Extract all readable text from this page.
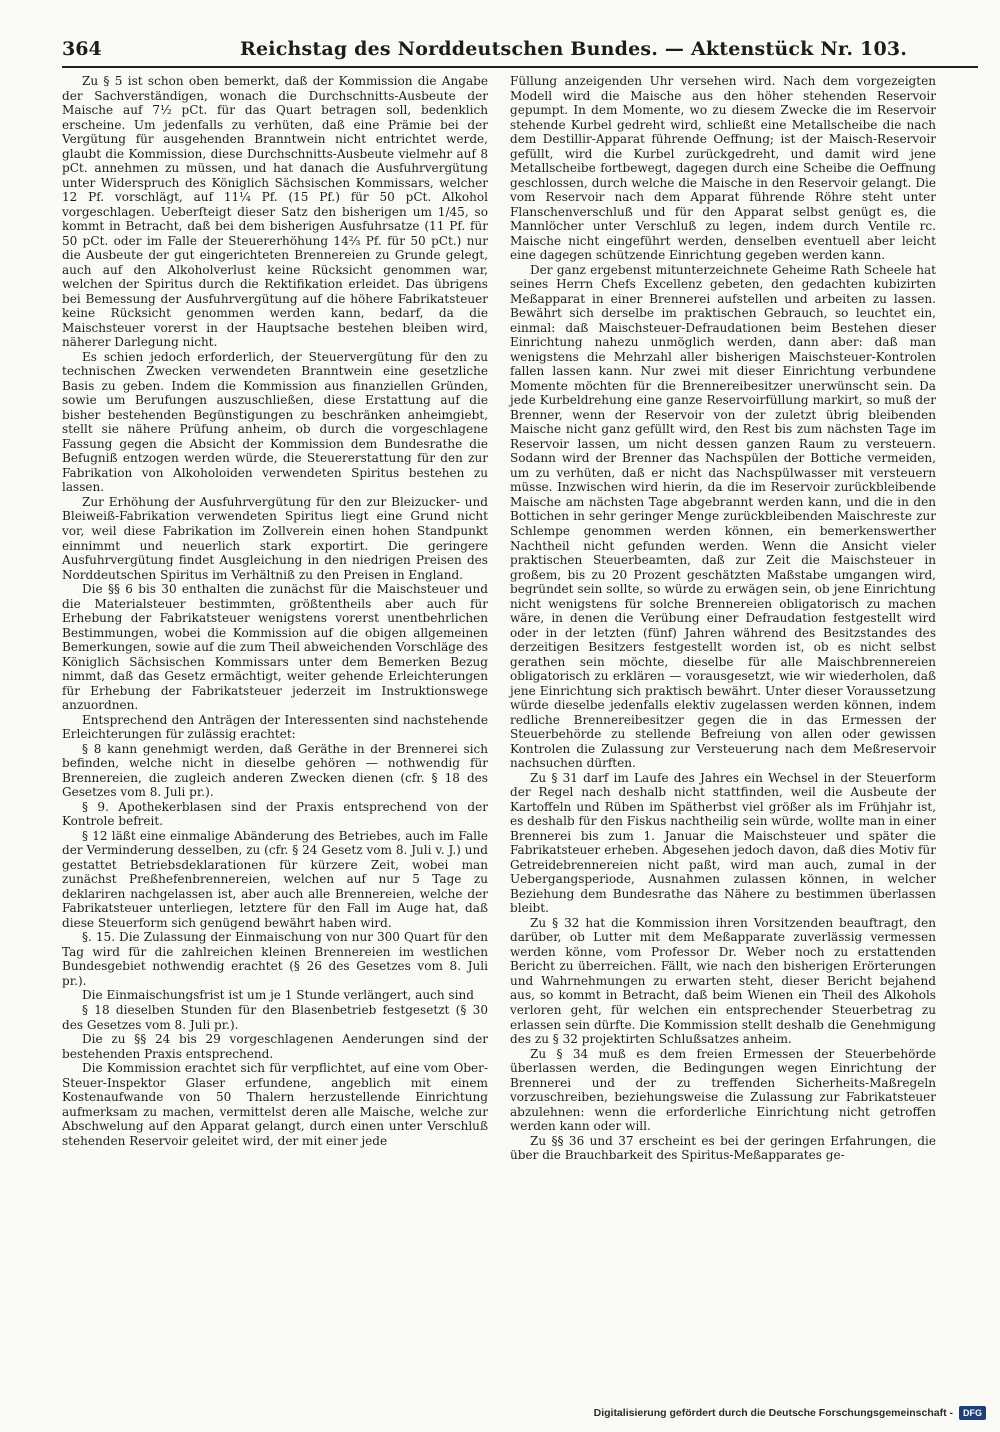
364	Reichstag des Norddeutschen Bundes. — Aktenstück Nr. 103.

Zu § 5 ist schon oben bemerkt, daß der Kommission die Angabe der Sachverständigen, wonach die Durchschnitts-Ausbeute der Maische auf 7½ pCt. für das Quart betragen soll, bedenklich erscheine. Um jedenfalls zu verhüten, daß eine Prämie bei der Vergütung für ausgehenden Branntwein nicht entrichtet werde, glaubt die Kommission, diese Durchschnitts-Ausbeute vielmehr auf 8 pCt. annehmen zu müssen, und hat danach die Ausfuhrvergütung unter Widerspruch des Königlich Sächsischen Kommissars, welcher 12 Pf. vorschlägt, auf 11¼ Pf. (15 Pf.) für 50 pCt. Alkohol vorgeschlagen. Ueberſteigt dieser Satz den bisherigen um 1/45, so kommt in Betracht, daß bei dem bisherigen Ausfuhrsatze (11 Pf. für 50 pCt. oder im Falle der Steuererhöhung 14⅔ Pf. für 50 pCt.) nur die Ausbeute der gut eingerichteten Brennereien zu Grunde gelegt, auch auf den Alkoholverlust keine Rücksicht genommen war, welchen der Spiritus durch die Rektifikation erleidet. Das übrigens bei Bemessung der Ausfuhrvergütung auf die höhere Fabrikatsteuer keine Rücksicht genommen werden kann, bedarf, da die Maischsteuer vorerst in der Hauptsache bestehen bleiben wird, näherer Darlegung nicht.

Es schien jedoch erforderlich, der Steuervergütung für den zu technischen Zwecken verwendeten Branntwein eine gesetzliche Basis zu geben. Indem die Kommission aus finanziellen Gründen, sowie um Berufungen auszuschließen, diese Erstattung auf die bisher bestehenden Begünstigungen zu beschränken anheimgiebt, stellt sie nähere Prüfung anheim, ob durch die vorgeschlagene Fassung gegen die Absicht der Kommission dem Bundesrathe die Befugniß entzogen werden würde, die Steuererstattung für den zur Fabrikation von Alkoholoiden verwendeten Spiritus bestehen zu lassen.

Zur Erhöhung der Ausfuhrvergütung für den zur Bleizucker- und Bleiweiß-Fabrikation verwendeten Spiritus liegt eine Grund nicht vor, weil diese Fabrikation im Zollverein einen hohen Standpunkt einnimmt und neuerlich stark exportirt. Die geringere Ausfuhrvergütung findet Ausgleichung in den niedrigen Preisen des Norddeutschen Spiritus im Verhältniß zu den Preisen in England.

Die §§ 6 bis 30 enthalten die zunächst für die Maischsteuer und die Materialsteuer bestimmten, größtentheils aber auch für Erhebung der Fabrikatsteuer wenigstens vorerst unentbehrlichen Bestimmungen, wobei die Kommission auf die obigen allgemeinen Bemerkungen, sowie auf die zum Theil abweichenden Vorschläge des Königlich Sächsischen Kommissars unter dem Bemerken Bezug nimmt, daß das Gesetz ermächtigt, weiter gehende Erleichterungen für Erhebung der Fabrikatsteuer jederzeit im Instruktionswege anzuordnen.

Entsprechend den Anträgen der Interessenten sind nachstehende Erleichterungen für zulässig erachtet:

§ 8 kann genehmigt werden, daß Geräthe in der Brennerei sich befinden, welche nicht in dieselbe gehören — nothwendig für Brennereien, die zugleich anderen Zwecken dienen (cfr. § 18 des Gesetzes vom 8. Juli pr.).

§ 9. Apothekerblasen sind der Praxis entsprechend von der Kontrole befreit.

§ 12 läßt eine einmalige Abänderung des Betriebes, auch im Falle der Verminderung desselben, zu (cfr. § 24 Gesetz vom 8. Juli v. J.) und gestattet Betriebsdeklarationen für kürzere Zeit, wobei man zunächst Preßhefenbrennereien, welchen auf nur 5 Tage zu deklariren nachgelassen ist, aber auch alle Brennereien, welche der Fabrikatsteuer unterliegen, letztere für den Fall im Auge hat, daß diese Steuerform sich genügend bewährt haben wird.

§. 15. Die Zulassung der Einmaischung von nur 300 Quart für den Tag wird für die zahlreichen kleinen Brennereien im westlichen Bundesgebiet nothwendig erachtet (§ 26 des Gesetzes vom 8. Juli pr.).

Die Einmaischungsfrist ist um je 1 Stunde verlängert, auch sind

§ 18 dieselben Stunden für den Blasenbetrieb festgesetzt (§ 30 des Gesetzes vom 8. Juli pr.).

Die zu §§ 24 bis 29 vorgeschlagenen Aenderungen sind der bestehenden Praxis entsprechend.

Die Kommission erachtet sich für verpflichtet, auf eine vom Ober-Steuer-Inspektor Glaser erfundene, angeblich mit einem Kostenaufwande von 50 Thalern herzustellende Einrichtung aufmerksam zu machen, vermittelst deren alle Maische, welche zur Abschwelung auf den Apparat gelangt, durch einen unter Verschluß stehenden Reservoir geleitet wird, der mit einer jede

Füllung anzeigenden Uhr versehen wird. Nach dem vorgezeigten Modell wird die Maische aus den höher stehenden Reservoir gepumpt. In dem Momente, wo zu diesem Zwecke die im Reservoir stehende Kurbel gedreht wird, schließt eine Metallscheibe die nach dem Destillir-Apparat führende Oeffnung; ist der Maisch-Reservoir gefüllt, wird die Kurbel zurückgedreht, und damit wird jene Metallscheibe fortbewegt, dagegen durch eine Scheibe die Oeffnung geschlossen, durch welche die Maische in den Reservoir gelangt. Die vom Reservoir nach dem Apparat führende Röhre steht unter Flanschenverschluß und für den Apparat selbst genügt es, die Mannlöcher unter Verschluß zu legen, indem durch Ventile rc. Maische nicht eingeführt werden, denselben eventuell aber leicht eine dagegen schützende Einrichtung gegeben werden kann.

Der ganz ergebenst mitunterzeichnete Geheime Rath Scheele hat seines Herrn Chefs Excellenz gebeten, den gedachten kubizirten Meßapparat in einer Brennerei aufstellen und arbeiten zu lassen. Bewährt sich derselbe im praktischen Gebrauch, so leuchtet ein, einmal: daß Maischsteuer-Defraudationen beim Bestehen dieser Einrichtung nahezu unmöglich werden, dann aber: daß man wenigstens die Mehrzahl aller bisherigen Maischsteuer-Kontrolen fallen lassen kann. Nur zwei mit dieser Einrichtung verbundene Momente möchten für die Brennereibesitzer unerwünscht sein. Da jede Kurbeldrehung eine ganze Reservoirfüllung markirt, so muß der Brenner, wenn der Reservoir von der zuletzt übrig bleibenden Maische nicht ganz gefüllt wird, den Rest bis zum nächsten Tage im Reservoir lassen, um nicht dessen ganzen Raum zu versteuern. Sodann wird der Brenner das Nachspülen der Bottiche vermeiden, um zu verhüten, daß er nicht das Nachspülwasser mit versteuern müsse. Inzwischen wird hierin, da die im Reservoir zurückbleibende Maische am nächsten Tage abgebrannt werden kann, und die in den Bottichen in sehr geringer Menge zurückbleibenden Maischreste zur Schlempe genommen werden können, ein bemerkenswerther Nachtheil nicht gefunden werden. Wenn die Ansicht vieler praktischen Steuerbeamten, daß zur Zeit die Maischsteuer in großem, bis zu 20 Prozent geschätzten Maßstabe umgangen wird, begründet sein sollte, so würde zu erwägen sein, ob jene Einrichtung nicht wenigstens für solche Brennereien obligatorisch zu machen wäre, in denen die Verübung einer Defraudation festgestellt wird oder in der letzten (fünf) Jahren während des Besitzstandes des derzeitigen Besitzers festgestellt worden ist, ob es nicht selbst gerathen sein möchte, dieselbe für alle Maischbrennereien obligatorisch zu erklären — vorausgesetzt, wie wir wiederholen, daß jene Einrichtung sich praktisch bewährt. Unter dieser Voraussetzung würde dieselbe jedenfalls elektiv zugelassen werden können, indem redliche Brennereibesitzer gegen die in das Ermessen der Steuerbehörde zu stellende Befreiung von allen oder gewissen Kontrolen die Zulassung zur Versteuerung nach dem Meßreservoir nachsuchen dürften.

Zu § 31 darf im Laufe des Jahres ein Wechsel in der Steuerform der Regel nach deshalb nicht stattfinden, weil die Ausbeute der Kartoffeln und Rüben im Spätherbst viel größer als im Frühjahr ist, es deshalb für den Fiskus nachtheilig sein würde, wollte man in einer Brennerei bis zum 1. Januar die Maischsteuer und später die Fabrikatsteuer erheben. Abgesehen jedoch davon, daß dies Motiv für Getreidebrennereien nicht paßt, wird man auch, zumal in der Uebergangsperiode, Ausnahmen zulassen können, in welcher Beziehung dem Bundesrathe das Nähere zu bestimmen überlassen bleibt.

Zu § 32 hat die Kommission ihren Vorsitzenden beauftragt, den darüber, ob Lutter mit dem Meßapparate zuverlässig vermessen werden könne, vom Professor Dr. Weber noch zu erstattenden Bericht zu überreichen. Fällt, wie nach den bisherigen Erörterungen und Wahrnehmungen zu erwarten steht, dieser Bericht bejahend aus, so kommt in Betracht, daß beim Wienen ein Theil des Alkohols verloren geht, für welchen ein entsprechender Steuerbetrag zu erlassen sein dürfte. Die Kommission stellt deshalb die Genehmigung des zu § 32 projektirten Schlußsatzes anheim.

Zu § 34 muß es dem freien Ermessen der Steuerbehörde überlassen werden, die Bedingungen wegen Einrichtung der Brennerei und der zu treffenden Sicherheits-Maßregeln vorzuschreiben, beziehungsweise die Zulassung zur Fabrikatsteuer abzulehnen: wenn die erforderliche Einrichtung nicht getroffen werden kann oder will.

Zu §§ 36 und 37 erscheint es bei der geringen Erfahrungen, die über die Brauchbarkeit des Spiritus-Meßapparates ge-

Digitalisierung gefördert durch die Deutsche Forschungsgemeinschaft -	DFG
